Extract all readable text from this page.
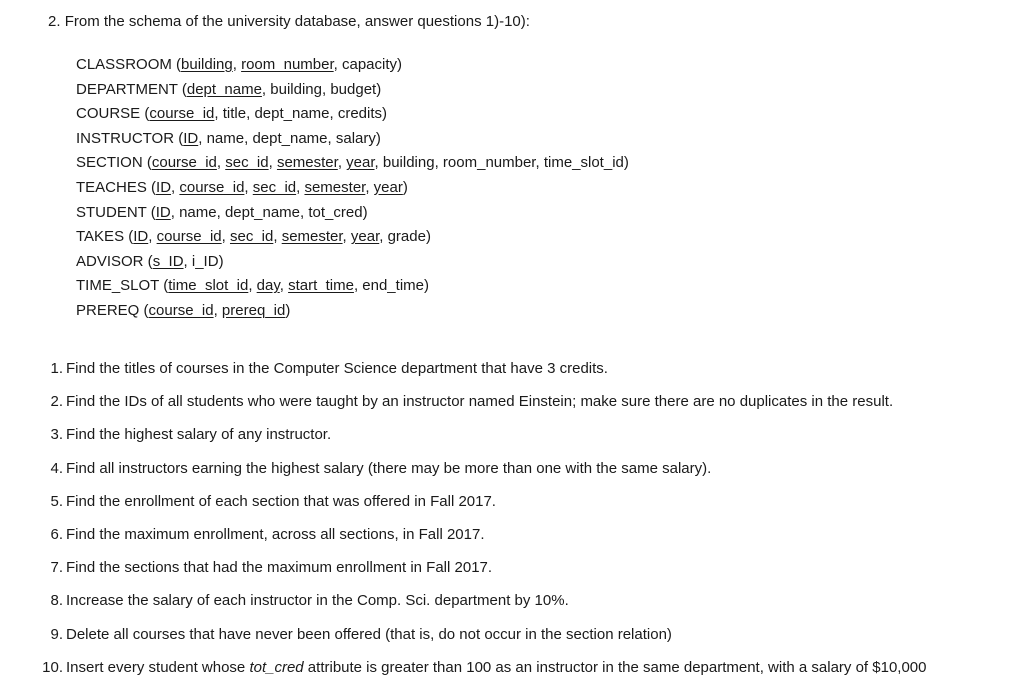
2. From the schema of the university database, answer questions 1)-10):
CLASSROOM (building, room_number, capacity)
DEPARTMENT (dept_name, building, budget)
COURSE (course_id, title, dept_name, credits)
INSTRUCTOR (ID, name, dept_name, salary)
SECTION (course_id, sec_id, semester, year, building, room_number, time_slot_id)
TEACHES (ID, course_id, sec_id, semester, year)
STUDENT (ID, name, dept_name, tot_cred)
TAKES (ID, course_id, sec_id, semester, year, grade)
ADVISOR (s_ID, i_ID)
TIME_SLOT (time_slot_id, day, start_time, end_time)
PREREQ (course_id, prereq_id)
1. Find the titles of courses in the Computer Science department that have 3 credits.
2. Find the IDs of all students who were taught by an instructor named Einstein; make sure there are no duplicates in the result.
3. Find the highest salary of any instructor.
4. Find all instructors earning the highest salary (there may be more than one with the same salary).
5. Find the enrollment of each section that was offered in Fall 2017.
6. Find the maximum enrollment, across all sections, in Fall 2017.
7. Find the sections that had the maximum enrollment in Fall 2017.
8. Increase the salary of each instructor in the Comp. Sci. department by 10%.
9. Delete all courses that have never been offered (that is, do not occur in the section relation)
10. Insert every student whose tot_cred attribute is greater than 100 as an instructor in the same department, with a salary of $10,000
